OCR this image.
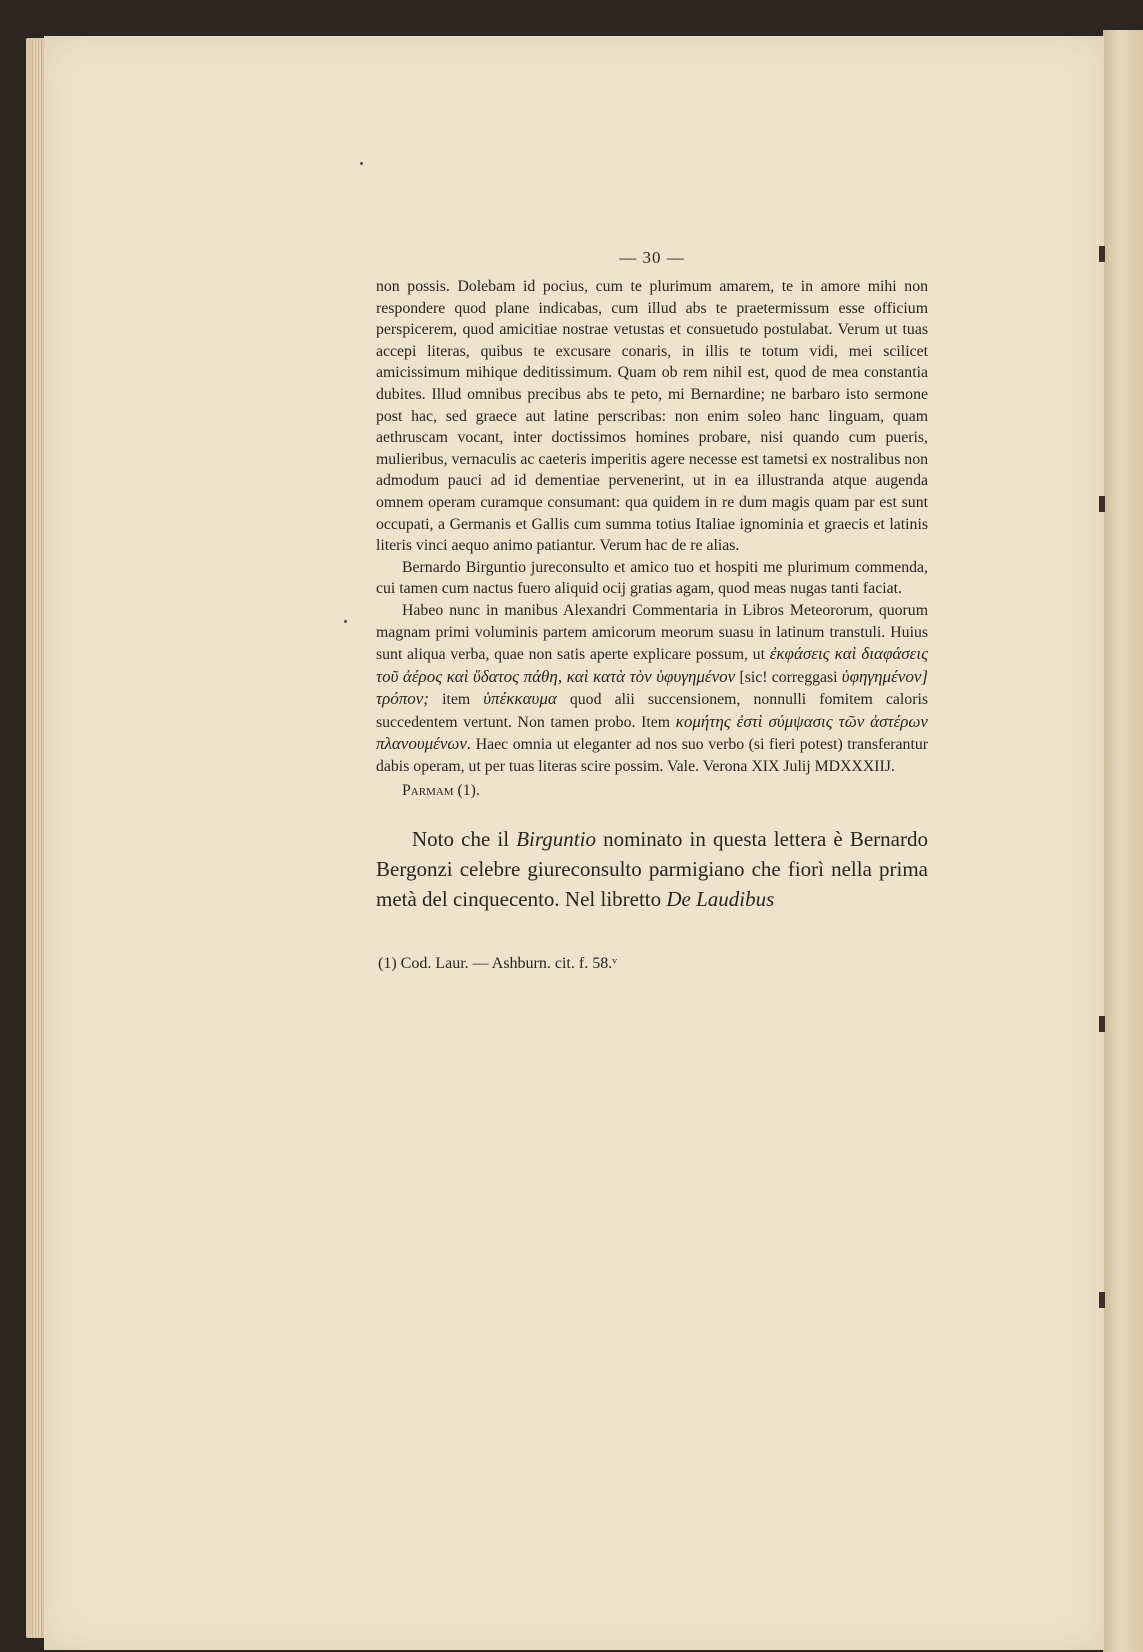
— 30 —

non possis. Dolebam id pocius, cum te plurimum amarem, te in amore mihi non respondere quod plane indicabas, cum illud abs te praetermissum esse officium perspicerem, quod amicitiae nostrae vetustas et consuetudo postulabat. Verum ut tuas accepi literas, quibus te excusare conaris, in illis te totum vidi, mei scilicet amicissimum mihique deditissimum. Quam ob rem nihil est, quod de mea constantia dubites. Illud omnibus precibus abs te peto, mi Bernardine; ne barbaro isto sermone post hac, sed graece aut latine perscribas: non enim soleo hanc linguam, quam aethruscam vocant, inter doctissimos homines probare, nisi quando cum pueris, mulieribus, vernaculis ac caeteris imperitis agere necesse est tametsi ex nostralibus non admodum pauci ad id dementiae pervenerint, ut in ea illustranda atque augenda omnem operam curamque consumant: qua quidem in re dum magis quam par est sunt occupati, a Germanis et Gallis cum summa totius Italiae ignominia et graecis et latinis literis vinci aequo animo patiantur. Verum hac de re alias.

Bernardo Birguntio jureconsulto et amico tuo et hospiti me plurimum commenda, cui tamen cum nactus fuero aliquid ocij gratias agam, quod meas nugas tanti faciat.

Habeo nunc in manibus Alexandri Commentaria in Libros Meteororum, quorum magnam primi voluminis partem amicorum meorum suasu in latinum transtuli. Huius sunt aliqua verba, quae non satis aperte explicare possum, ut ἐκφάσεις καὶ διαφάσεις τοῦ ἀέρος καὶ ὕδατος πάθη, καὶ κατὰ τὸν ὑφυγημένον [sic! correggasi ὑφηγημένον] τρόπον; item ὑπέκκαυμα quod alii succensionem, nonnulli fomitem caloris succedentem vertunt. Non tamen probo. Item κομήτης ἐστὶ σύμψασις τῶν ἀστέρων πλανουμένων. Haec omnia ut eleganter ad nos suo verbo (si fieri potest) transferantur dabis operam, ut per tuas literas scire possim. Vale. Verona XIX Julij MDXXXIIJ.

Parmam (1).
Noto che il Birguntio nominato in questa lettera è Bernardo Bergonzi celebre giureconsulto parmigiano che fiorì nella prima metà del cinquecento. Nel libretto De Laudibus
(1) Cod. Laur. — Ashburn. cit. f. 58.ᵛ
